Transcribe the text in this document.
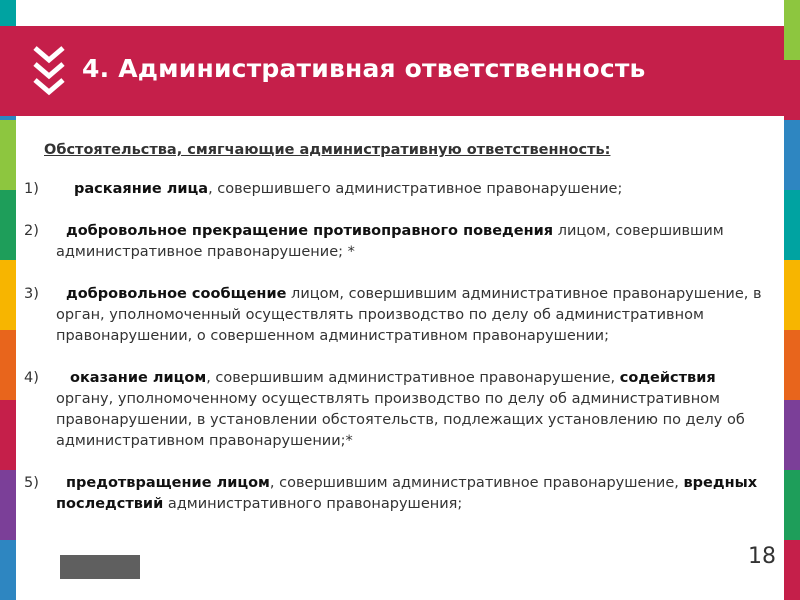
4. Административная ответственность
Обстоятельства, смягчающие административную ответственность:
1) раскаяние лица, совершившего административное правонарушение;
2) добровольное прекращение противоправного поведения лицом, совершившим административное правонарушение; *
3) добровольное сообщение лицом, совершившим административное правонарушение, в орган, уполномоченный осуществлять производство по делу об административном правонарушении, о совершенном административном правонарушении;
4) оказание лицом, совершившим административное правонарушение, содействия органу, уполномоченному осуществлять производство по делу об административном правонарушении, в установлении обстоятельств, подлежащих установлению по делу об административном правонарушении;*
5) предотвращение лицом, совершившим административное правонарушение, вредных последствий административного правонарушения;
18
